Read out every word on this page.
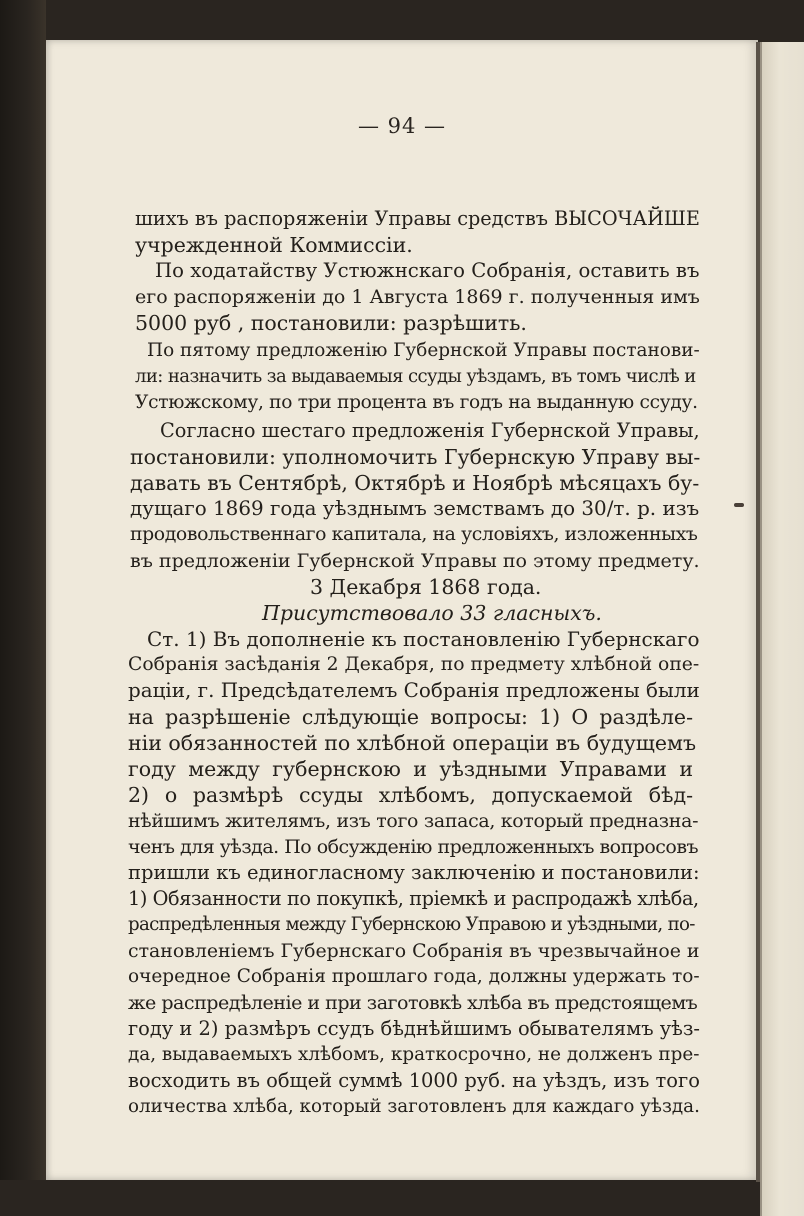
— 94 —
шихъ въ распоряженіи Управы средствъ ВЫСОЧАЙШЕ
учрежденной Коммиссіи.
По ходатайству Устюжнскаго Собранія, оставить въ
его распоряженіи до 1 Августа 1869 г. полученныя имъ
5000 руб , постановили: разрѣшить.
По пятому предложенію Губернской Управы постанови-
ли: назначить за выдаваемыя ссуды уѣздамъ, въ томъ числѣ и
Устюжскому, по три процента въ годъ на выданную ссуду.
Согласно шестаго предложенія Губернской Управы,
постановили: уполномочить Губернскую Управу вы-
давать въ Сентябрѣ, Октябрѣ и Ноябрѣ мѣсяцахъ бу-
дущаго 1869 года уѣзднымъ земствамъ до 30/т. р. изъ
продовольственнаго капитала, на условіяхъ, изложенныхъ
въ предложеніи Губернской Управы по этому предмету.
3 Декабря 1868 года.
Присутствовало 33 гласныхъ.
Ст. 1) Въ дополненіе къ постановленію Губернскаго
Собранія засѣданія 2 Декабря, по предмету хлѣбной опе-
раціи, г. Предсѣдателемъ Собранія предложены были
на разрѣшеніе слѣдующіе вопросы: 1) О раздѣле-
ніи обязанностей по хлѣбной операціи въ будущемъ
году между губернскою и уѣздными Управами и
2) о размѣрѣ ссуды хлѣбомъ, допускаемой бѣд-
нѣйшимъ жителямъ, изъ того запаса, который предназна-
ченъ для уѣзда. По обсужденію предложенныхъ вопросовъ
пришли къ единогласному заключенію и постановили:
1) Обязанности по покупкѣ, пріемкѣ и распродажѣ хлѣба,
распредѣленныя между Губернскою Управою и уѣздными, по-
становленіемъ Губернскаго Собранія въ чрезвычайное и
очередное Собранія прошлаго года, должны удержать то-
же распредѣленіе и при заготовкѣ хлѣба въ предстоящемъ
году и 2) размѣръ ссудъ бѣднѣйшимъ обывателямъ уѣз-
да, выдаваемыхъ хлѣбомъ, краткосрочно, не долженъ пре-
восходить въ общей суммѣ 1000 руб. на уѣздъ, изъ того
оличества хлѣба, который заготовленъ для каждаго уѣзда.
